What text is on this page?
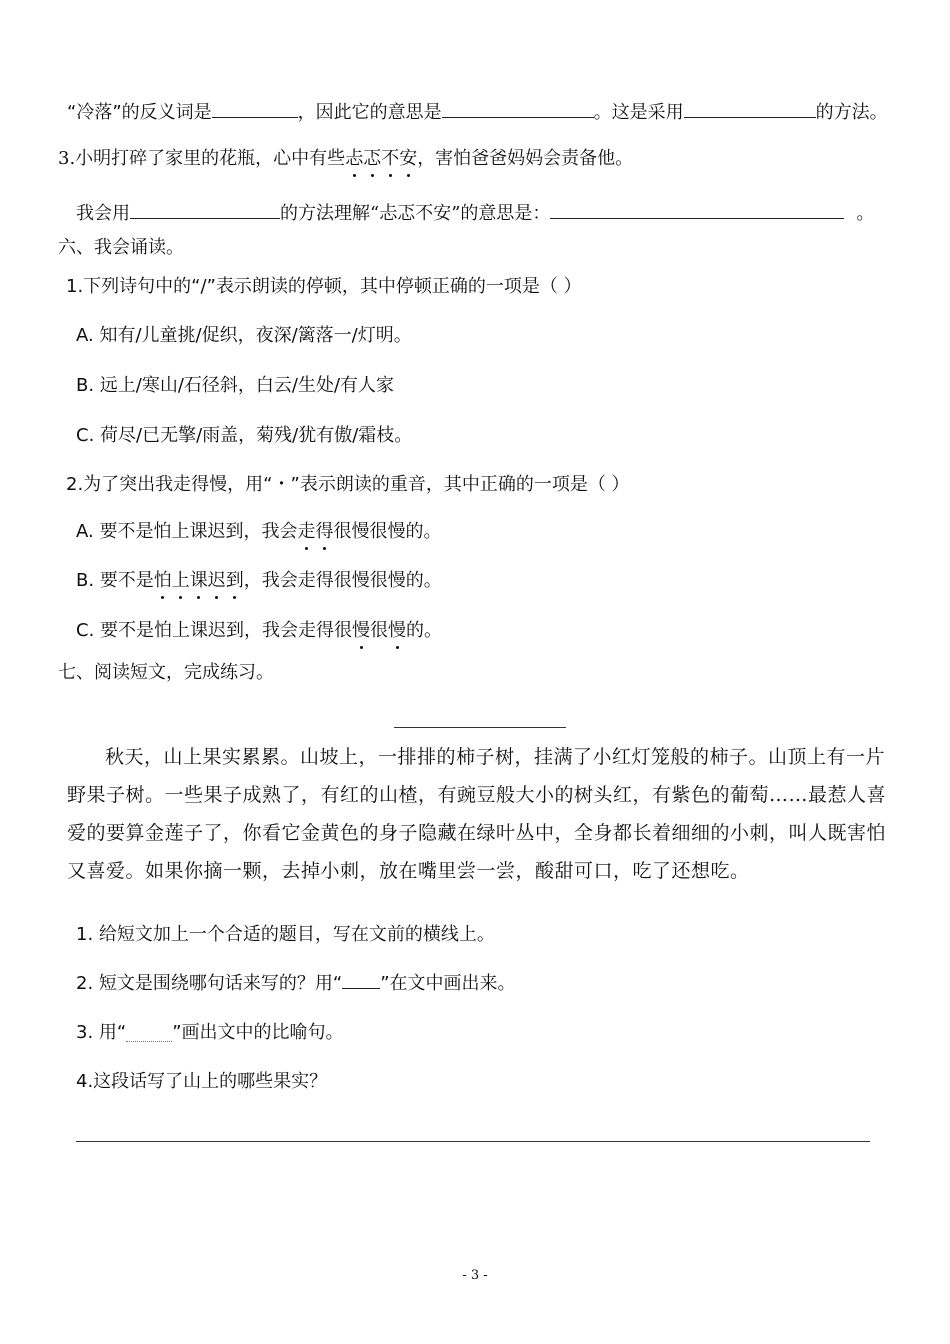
“冷落”的反义词是	，因此它的意思是	。这是采用	的方法。
3.小明打碎了家里的花瓶，心中有些忐忑不安，害怕爸爸妈妈会责备他。
我会用	的方法理解“忐忑不安”的意思是：	。
六、我会诵读。
1.下列诗句中的“/”表示朗读的停顿，其中停顿正确的一项是（ ）
A. 知有/儿童挑/促织，夜深/篱落一/灯明。
B. 远上/寒山/石径斜，白云/生处/有人家
C. 荷尽/已无擎/雨盖，菊残/犹有傲/霜枝。
2.为了突出我走得慢，用“・”表示朗读的重音，其中正确的一项是（ ）
A. 要不是怕上课迟到，我会走得很慢很慢的。
B. 要不是怕上课迟到，我会走得很慢很慢的。
C. 要不是怕上课迟到，我会走得很慢很慢的。
七、阅读短文，完成练习。

秋天，山上果实累累。山坡上，一排排的柿子树，挂满了小红灯笼般的柿子。山顶上有一片野果子树。一些果子成熟了，有红的山楂，有豌豆般大小的树头红，有紫色的葡萄……最惹人喜爱的要算金莲子了，你看它金黄色的身子隐藏在绿叶丛中，全身都长着细细的小刺，叫人既害怕又喜爱。如果你摘一颗，去掉小刺，放在嘴里尝一尝，酸甜可口，吃了还想吃。

1. 给短文加上一个合适的题目，写在文前的横线上。
2. 短文是围绕哪句话来写的？用“ ”在文中画出来。
3. 用“	”画出文中的比喻句。
4.这段话写了山上的哪些果实？
- 3 -
